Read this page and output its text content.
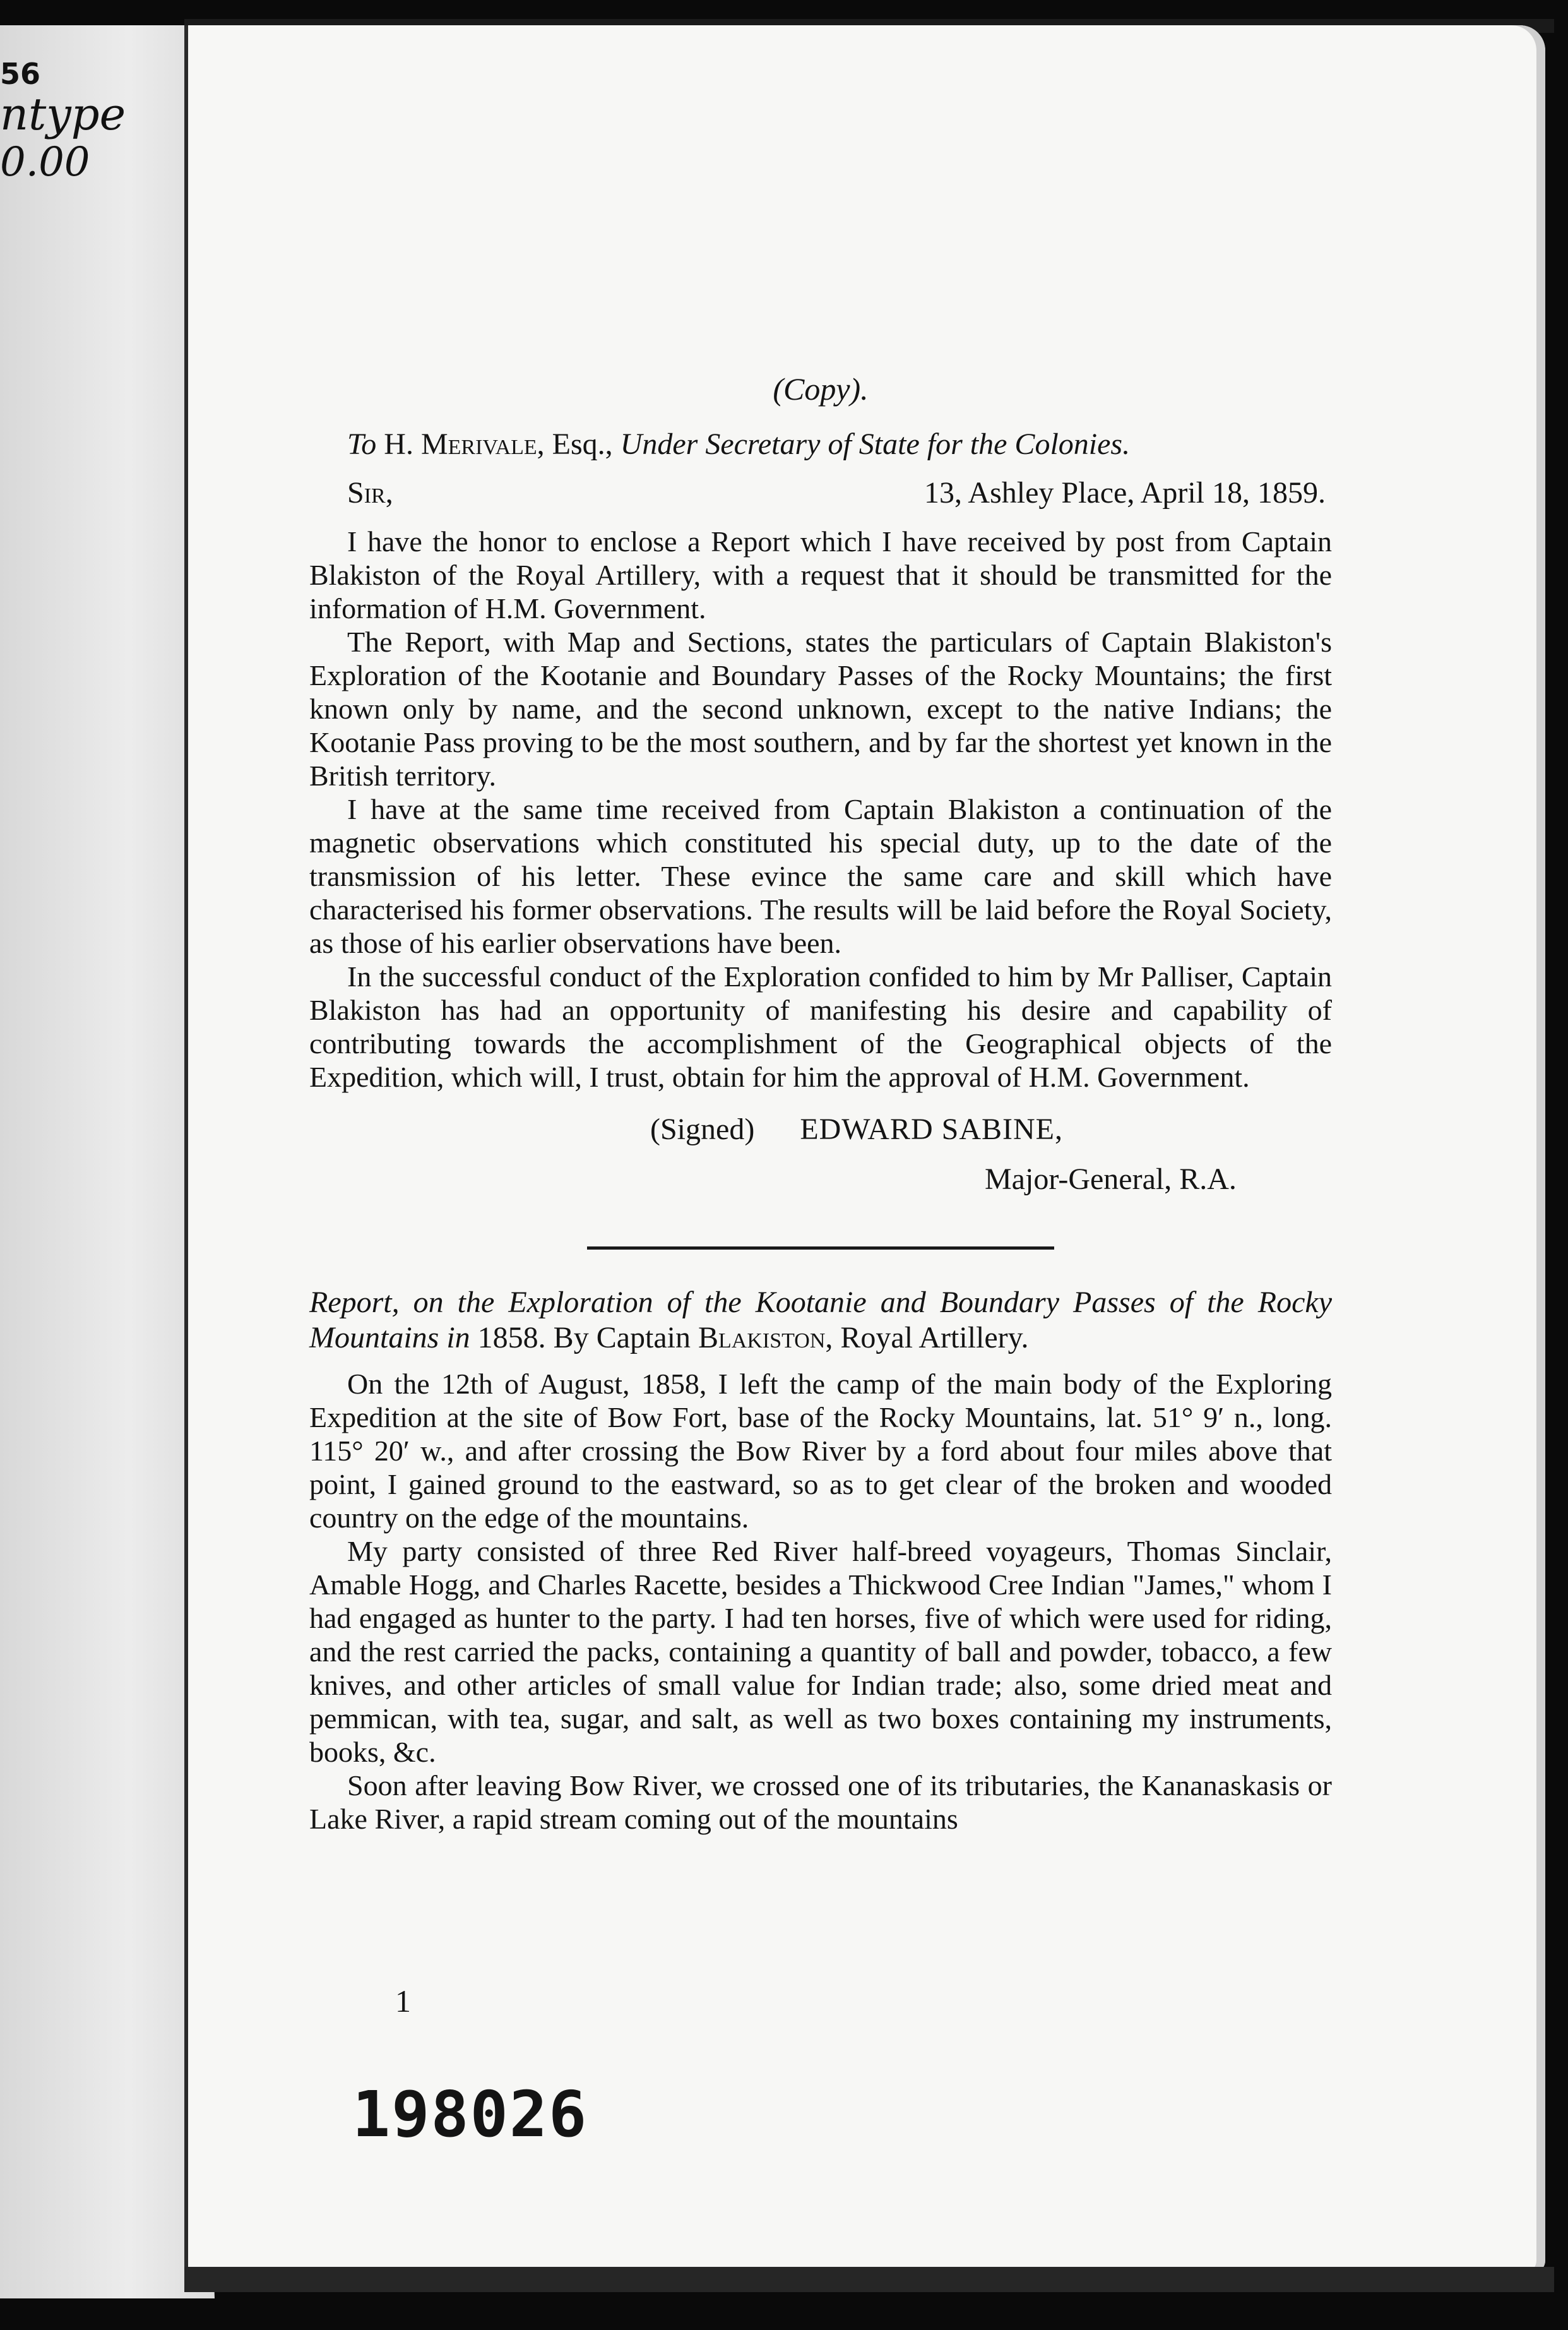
56
ntype
0.00
(Copy).
To H. Merivale, Esq., Under Secretary of State for the Colonies.
Sir,	13, Ashley Place, April 18, 1859.

I have the honor to enclose a Report which I have received by post from Captain Blakiston of the Royal Artillery, with a request that it should be transmitted for the information of H.M. Government.

The Report, with Map and Sections, states the particulars of Captain Blakiston's Exploration of the Kootanie and Boundary Passes of the Rocky Mountains; the first known only by name, and the second unknown, except to the native Indians; the Kootanie Pass proving to be the most southern, and by far the shortest yet known in the British territory.

I have at the same time received from Captain Blakiston a continuation of the magnetic observations which constituted his special duty, up to the date of the transmission of his letter. These evince the same care and skill which have characterised his former observations. The results will be laid before the Royal Society, as those of his earlier observations have been.

In the successful conduct of the Exploration confided to him by Mr Palliser, Captain Blakiston has had an opportunity of manifesting his desire and capability of contributing towards the accomplishment of the Geographical objects of the Expedition, which will, I trust, obtain for him the approval of H.M. Government.

(Signed) EDWARD SABINE,
Major-General, R.A.
Report, on the Exploration of the Kootanie and Boundary Passes of the Rocky Mountains in 1858. By Captain Blakiston, Royal Artillery.

On the 12th of August, 1858, I left the camp of the main body of the Exploring Expedition at the site of Bow Fort, base of the Rocky Mountains, lat. 51° 9′ n., long. 115° 20′ w., and after crossing the Bow River by a ford about four miles above that point, I gained ground to the eastward, so as to get clear of the broken and wooded country on the edge of the mountains.

My party consisted of three Red River half-breed voyageurs, Thomas Sinclair, Amable Hogg, and Charles Racette, besides a Thickwood Cree Indian "James," whom I had engaged as hunter to the party. I had ten horses, five of which were used for riding, and the rest carried the packs, containing a quantity of ball and powder, tobacco, a few knives, and other articles of small value for Indian trade; also, some dried meat and pemmican, with tea, sugar, and salt, as well as two boxes containing my instruments, books, &c.

Soon after leaving Bow River, we crossed one of its tributaries, the Kananaskasis or Lake River, a rapid stream coming out of the mountains

1
198026
